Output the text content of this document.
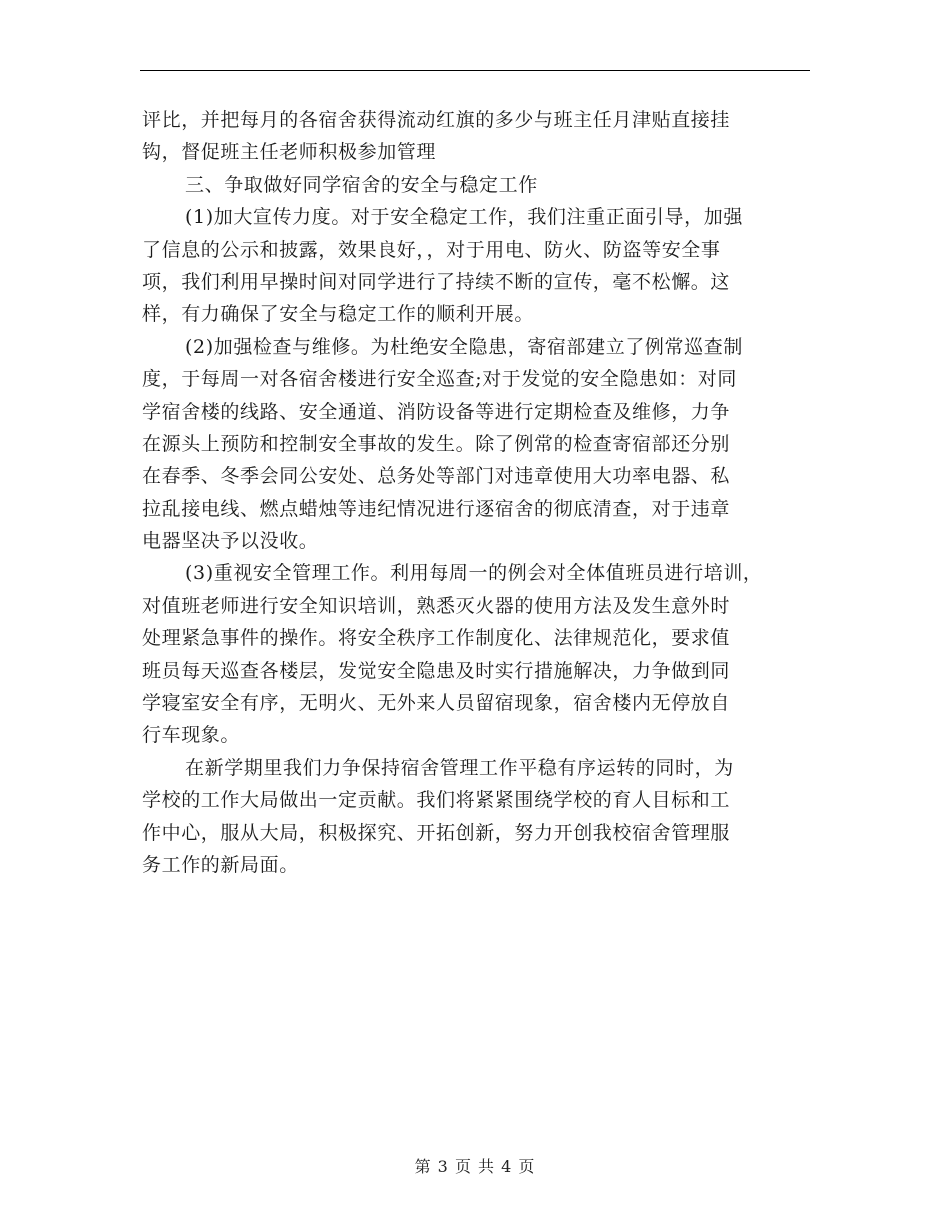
评比，并把每月的各宿舍获得流动红旗的多少与班主任月津贴直接挂
钩，督促班主任老师积极参加管理
三、争取做好同学宿舍的安全与稳定工作
(1)加大宣传力度。对于安全稳定工作，我们注重正面引导，加强
了信息的公示和披露，效果良好，，对于用电、防火、防盗等安全事
项，我们利用早操时间对同学进行了持续不断的宣传，毫不松懈。这
样，有力确保了安全与稳定工作的顺利开展。
(2)加强检查与维修。为杜绝安全隐患，寄宿部建立了例常巡查制
度，于每周一对各宿舍楼进行安全巡查;对于发觉的安全隐患如：对同
学宿舍楼的线路、安全通道、消防设备等进行定期检查及维修，力争
在源头上预防和控制安全事故的发生。除了例常的检查寄宿部还分别
在春季、冬季会同公安处、总务处等部门对违章使用大功率电器、私
拉乱接电线、燃点蜡烛等违纪情况进行逐宿舍的彻底清查，对于违章
电器坚决予以没收。
(3)重视安全管理工作。利用每周一的例会对全体值班员进行培训，
对值班老师进行安全知识培训，熟悉灭火器的使用方法及发生意外时
处理紧急事件的操作。将安全秩序工作制度化、法律规范化，要求值
班员每天巡查各楼层，发觉安全隐患及时实行措施解决，力争做到同
学寝室安全有序，无明火、无外来人员留宿现象，宿舍楼内无停放自
行车现象。
在新学期里我们力争保持宿舍管理工作平稳有序运转的同时，为
学校的工作大局做出一定贡献。我们将紧紧围绕学校的育人目标和工
作中心，服从大局，积极探究、开拓创新，努力开创我校宿舍管理服
务工作的新局面。
第 3 页 共 4 页
